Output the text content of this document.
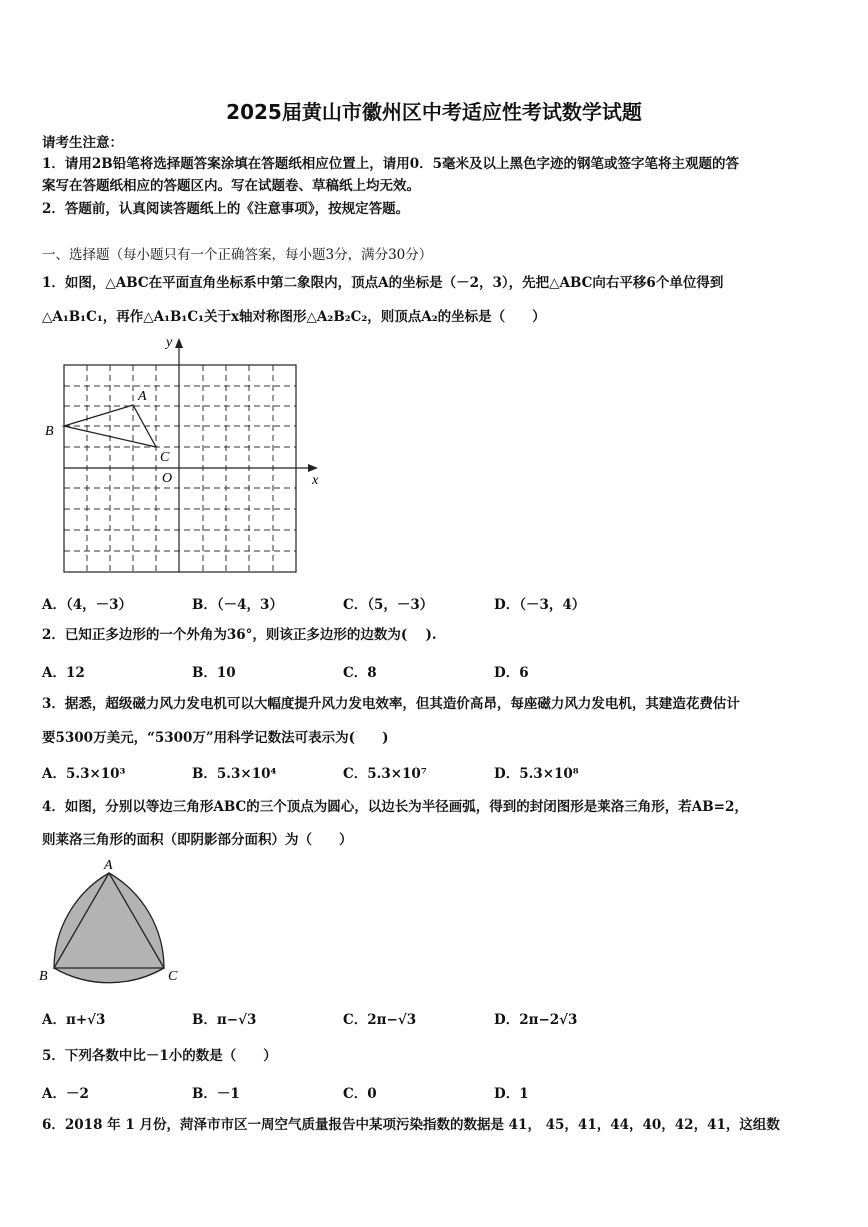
2025届黄山市徽州区中考适应性考试数学试题
请考生注意：
1．请用2B铅笔将选择题答案涂填在答题纸相应位置上，请用0．5毫米及以上黑色字迹的钢笔或签字笔将主观题的答
案写在答题纸相应的答题区内。写在试题卷、草稿纸上均无效。
2．答题前，认真阅读答题纸上的《注意事项》，按规定答题。
一、选择题（每小题只有一个正确答案，每小题3分，满分30分）
1．如图，△ABC在平面直角坐标系中第二象限内，顶点A的坐标是（－2，3），先把△ABC向右平移6个单位得到
△A₁B₁C₁，再作△A₁B₁C₁关于x轴对称图形△A₂B₂C₂，则顶点A₂的坐标是（　　）
y
x
O
A
B
C
A．（4，－3）	B．（－4，3）	C．（5，－3）	D．（－3，4）
2．已知正多边形的一个外角为36°，则该正多边形的边数为(　 ).
A．12	B．10	C．8	D．6
3．据悉，超级磁力风力发电机可以大幅度提升风力发电效率，但其造价高昂，每座磁力风力发电机，其建造花费估计
要5300万美元，“5300万”用科学记数法可表示为(　　)
A．5.3×10³	B．5.3×10⁴	C．5.3×10⁷	D．5.3×10⁸
4．如图，分别以等边三角形ABC的三个顶点为圆心，以边长为半径画弧，得到的封闭图形是莱洛三角形，若AB=2，
则莱洛三角形的面积（即阴影部分面积）为（　　）
A
B	C
A．π+√3	B．π−√3	C．2π−√3	D．2π−2√3
5．下列各数中比－1小的数是（　　）
A．－2	B．－1	C．0	D．1
6．2018 年 1 月份，菏泽市市区一周空气质量报告中某项污染指数的数据是 41， 45，41，44，40，42，41，这组数
